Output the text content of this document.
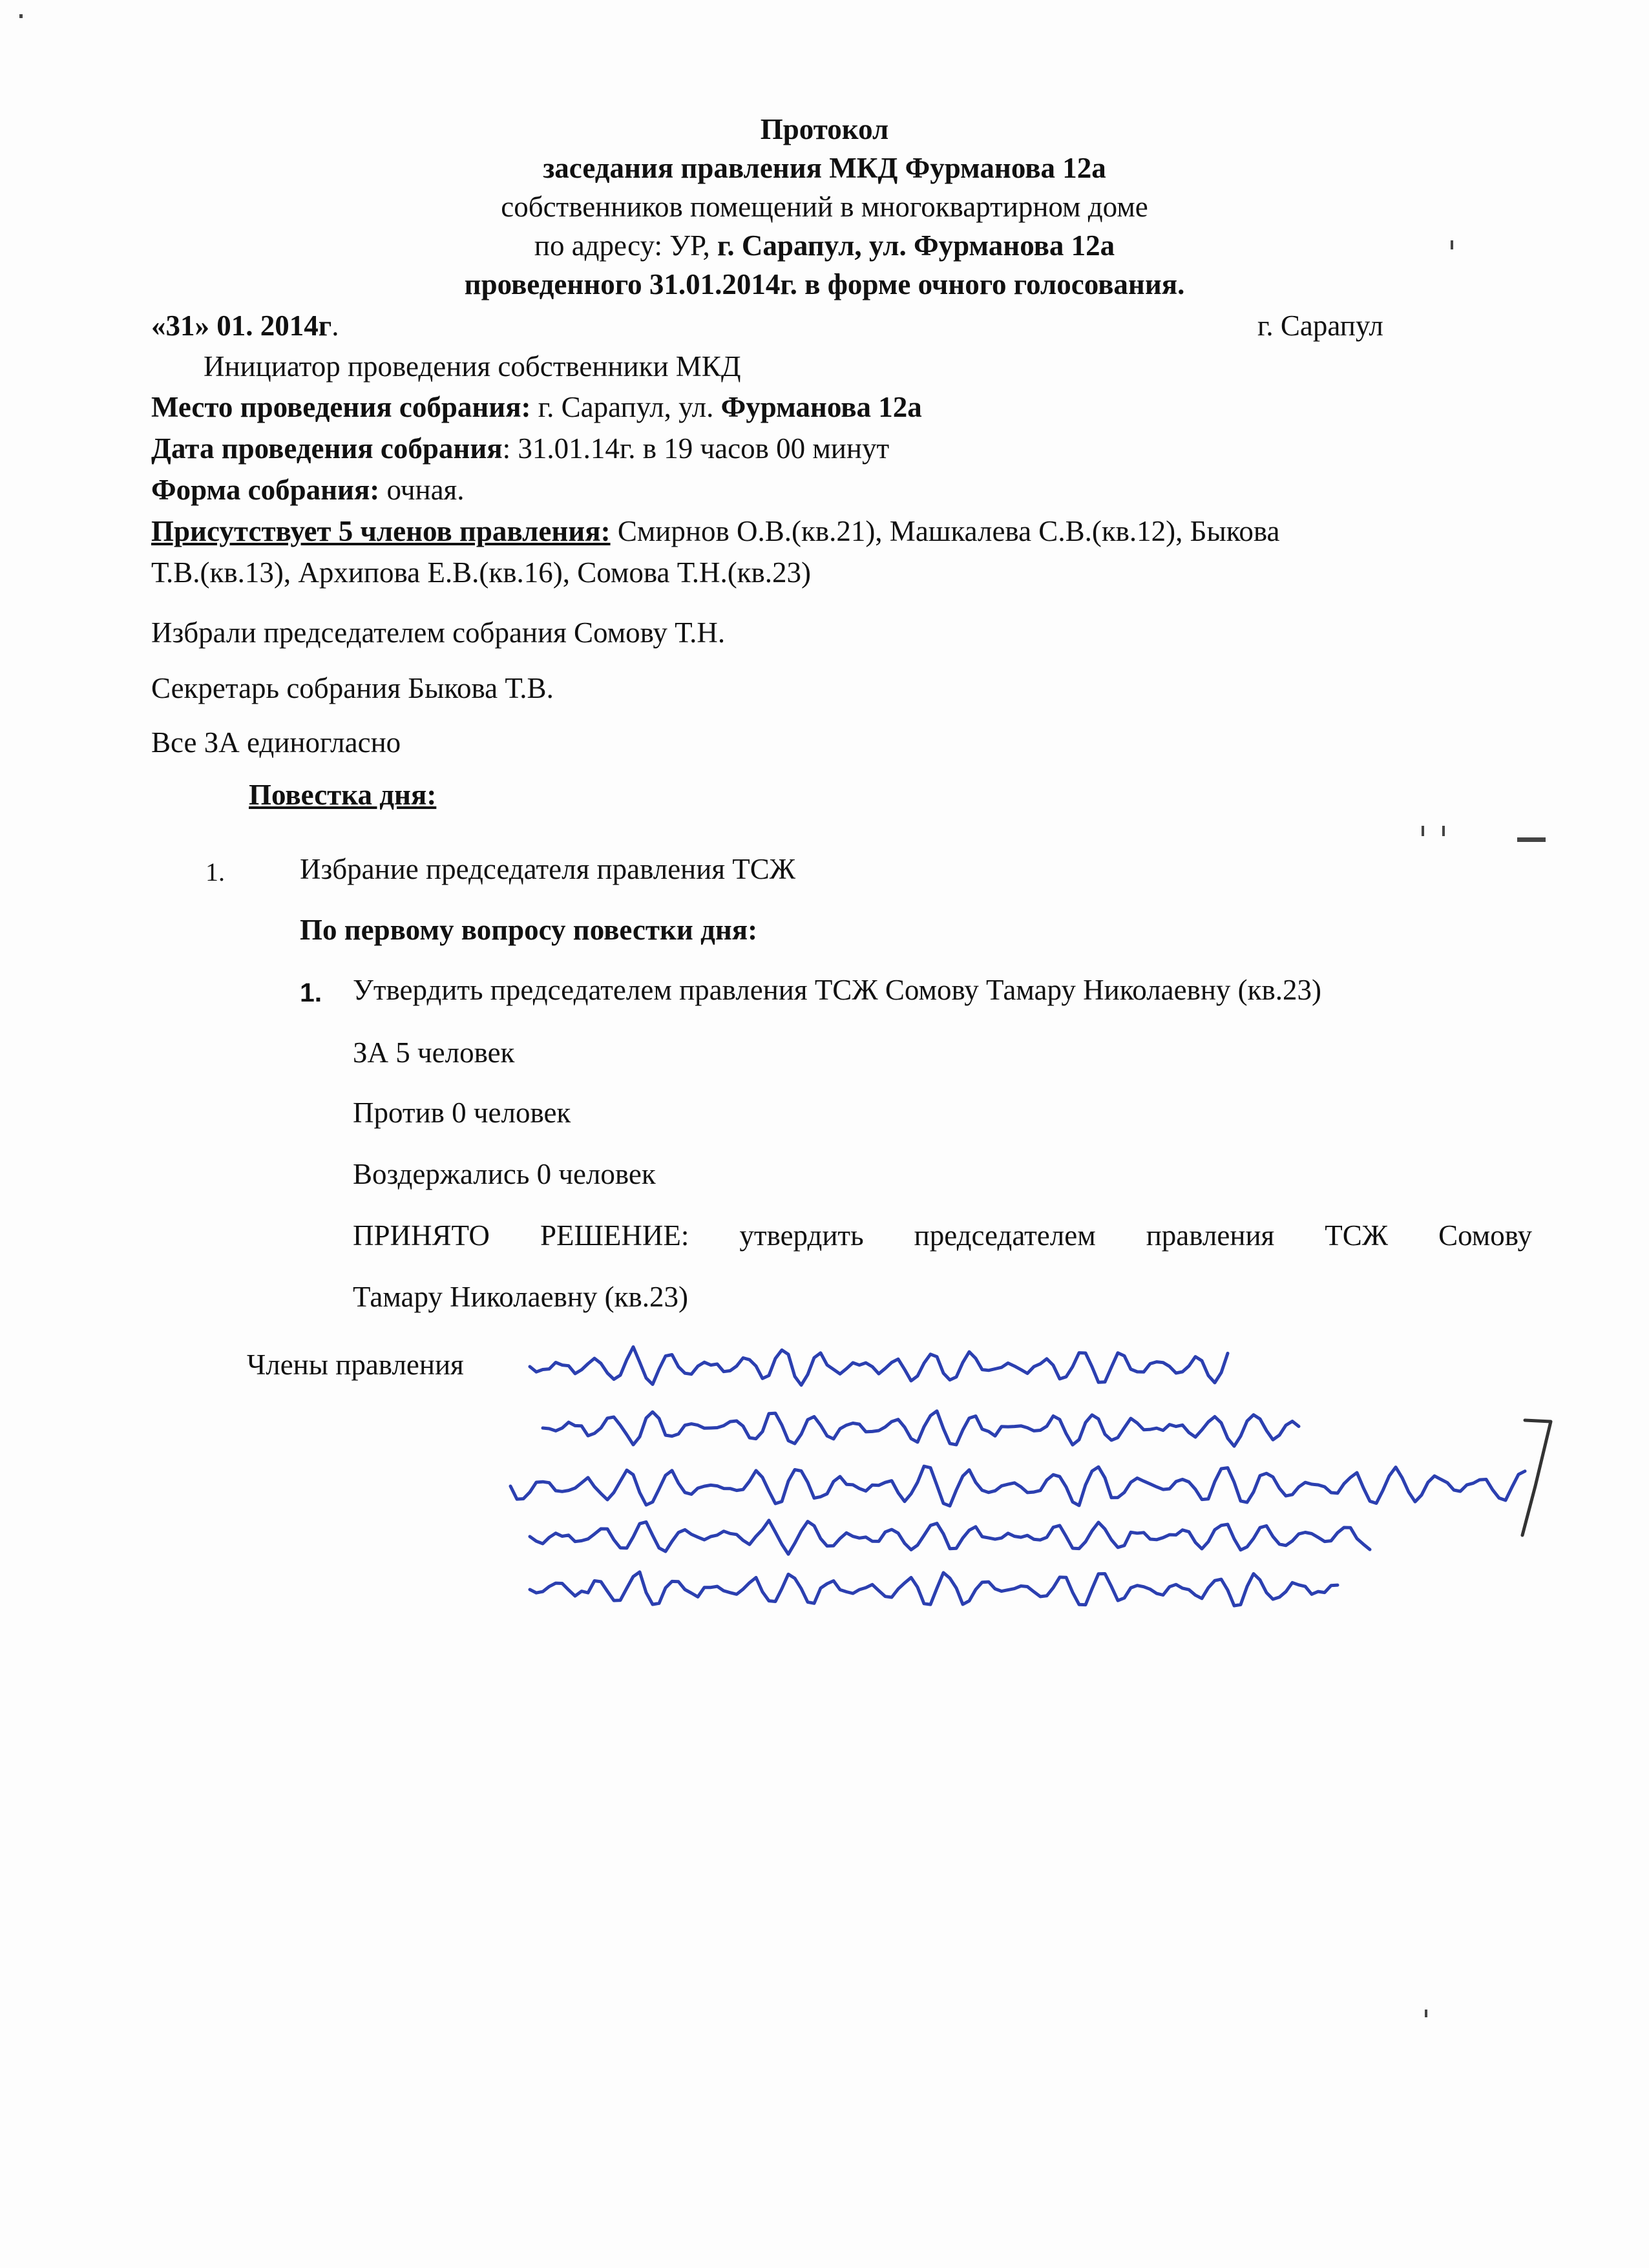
Протокол
заседания правления МКД Фурманова 12а
собственников помещений в многоквартирном доме
по адресу: УР, г. Сарапул, ул. Фурманова 12а
проведенного 31.01.2014г. в форме очного голосования.
«31» 01. 2014г.	г. Сарапул
Инициатор проведения собственники МКД
Место проведения собрания: г. Сарапул, ул. Фурманова 12а
Дата проведения собрания: 31.01.14г. в 19 часов 00 минут
Форма собрания: очная.
Присутствует 5 членов правления: Смирнов О.В.(кв.21), Машкалева С.В.(кв.12), Быкова
Т.В.(кв.13), Архипова Е.В.(кв.16), Сомова Т.Н.(кв.23)
Избрали председателем собрания Сомову Т.Н.
Секретарь собрания Быкова Т.В.
Все ЗА единогласно
Повестка дня:
1.	Избрание председателя правления ТСЖ
По первому вопросу повестки дня:
1. Утвердить председателем правления ТСЖ Сомову Тамару Николаевну (кв.23)
ЗА 5 человек
Против 0 человек
Воздержались 0 человек
ПРИНЯТО РЕШЕНИЕ: утвердить председателем правления ТСЖ Сомову
Тамару Николаевну (кв.23)
Члены правления
